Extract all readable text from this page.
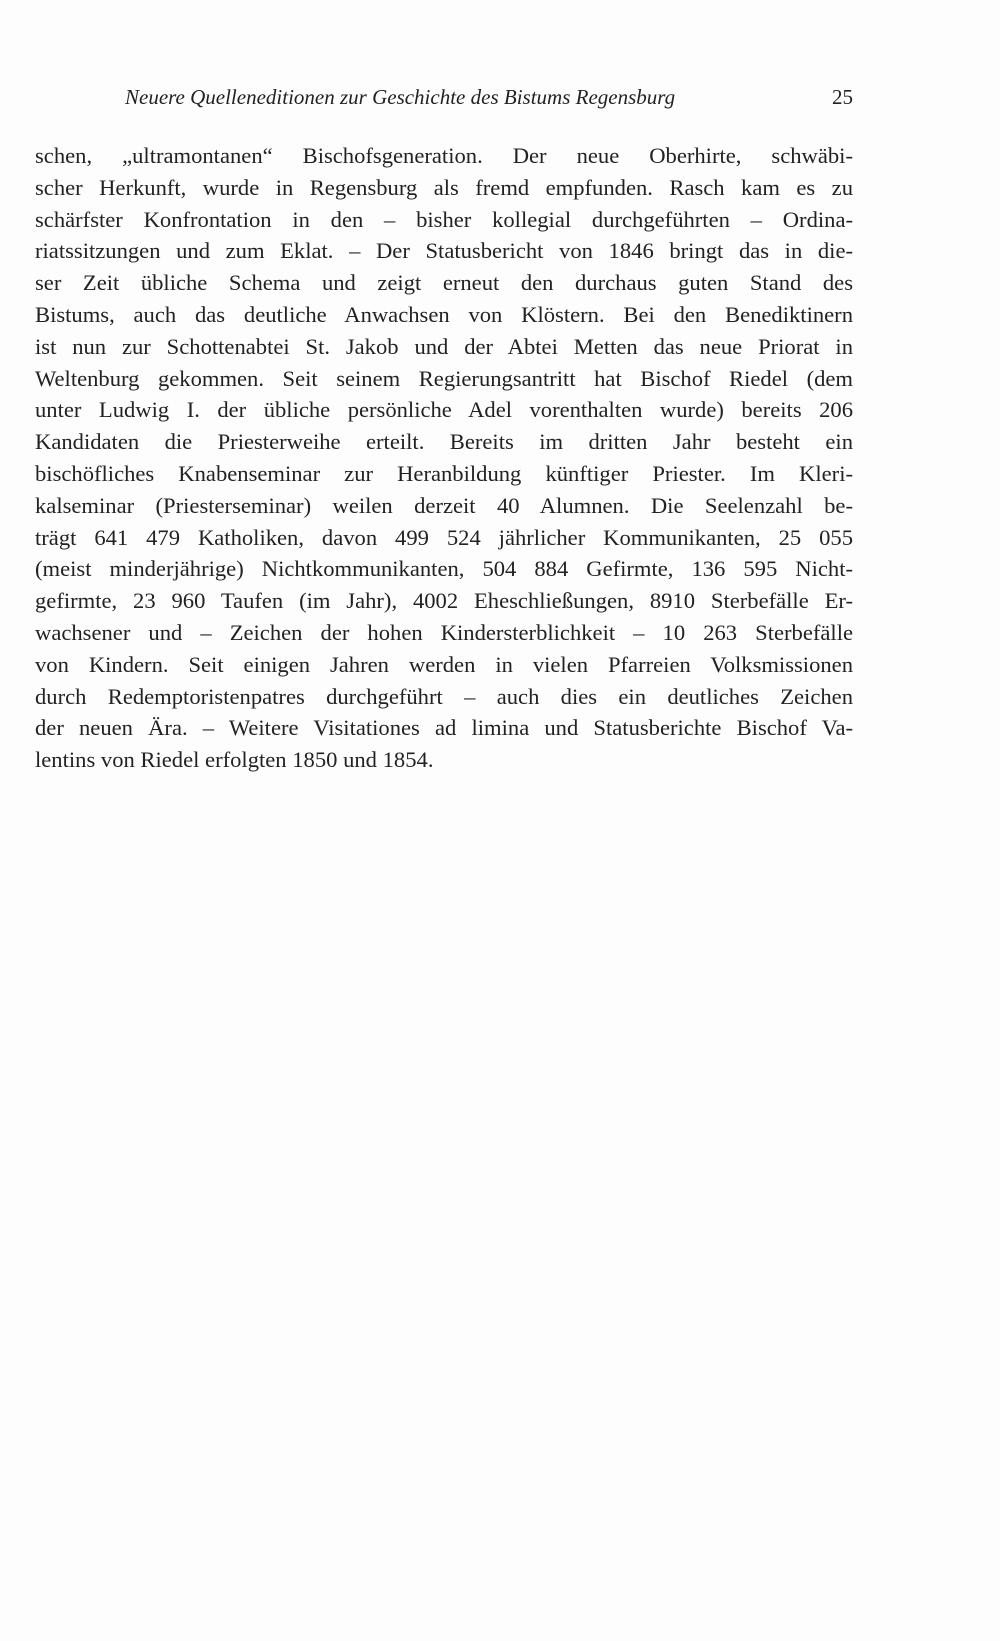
Neuere Quelleneditionen zur Geschichte des Bistums Regensburg	25
schen, „ultramontanen“ Bischofsgeneration. Der neue Oberhirte, schwäbi-
scher Herkunft, wurde in Regensburg als fremd empfunden. Rasch kam es zu
schärfster Konfrontation in den – bisher kollegial durchgeführten – Ordina-
riatssitzungen und zum Eklat. – Der Statusbericht von 1846 bringt das in die-
ser Zeit übliche Schema und zeigt erneut den durchaus guten Stand des
Bistums, auch das deutliche Anwachsen von Klöstern. Bei den Benediktinern
ist nun zur Schottenabtei St. Jakob und der Abtei Metten das neue Priorat in
Weltenburg gekommen. Seit seinem Regierungsantritt hat Bischof Riedel (dem
unter Ludwig I. der übliche persönliche Adel vorenthalten wurde) bereits 206
Kandidaten die Priesterweihe erteilt. Bereits im dritten Jahr besteht ein
bischöfliches Knabenseminar zur Heranbildung künftiger Priester. Im Kleri-
kalseminar (Priesterseminar) weilen derzeit 40 Alumnen. Die Seelenzahl be-
trägt 641 479 Katholiken, davon 499 524 jährlicher Kommunikanten, 25 055
(meist minderjährige) Nichtkommunikanten, 504 884 Gefirmte, 136 595 Nicht-
gefirmte, 23 960 Taufen (im Jahr), 4002 Eheschließungen, 8910 Sterbefälle Er-
wachsener und – Zeichen der hohen Kindersterblichkeit – 10 263 Sterbefälle
von Kindern. Seit einigen Jahren werden in vielen Pfarreien Volksmissionen
durch Redemptoristenpatres durchgeführt – auch dies ein deutliches Zeichen
der neuen Ära. – Weitere Visitationes ad limina und Statusberichte Bischof Va-
lentins von Riedel erfolgten 1850 und 1854.
